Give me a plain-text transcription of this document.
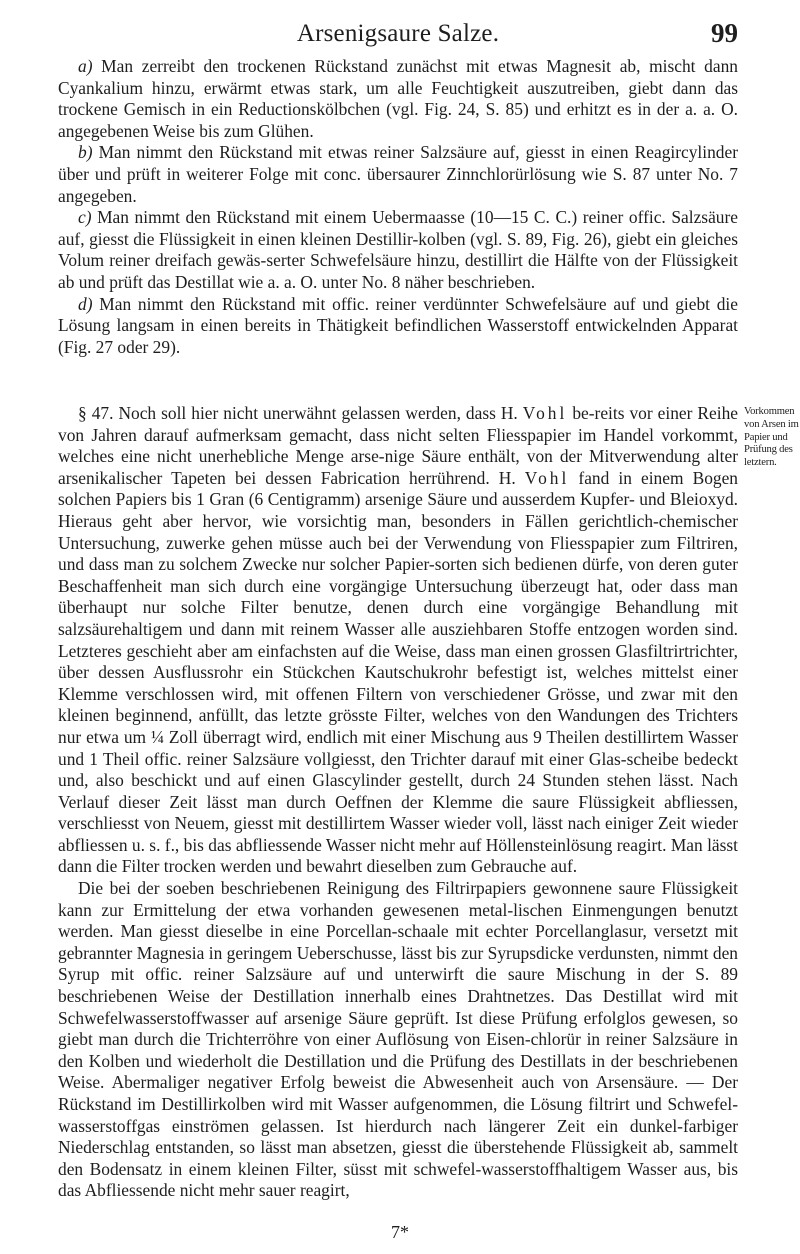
Arsenigsaure Salze.	99

a) Man zerreibt den trockenen Rückstand zunächst mit etwas Magnesit ab, mischt dann Cyankalium hinzu, erwärmt etwas stark, um alle Feuchtigkeit auszutreiben, giebt dann das trockene Gemisch in ein Reductionskölbchen (vgl. Fig. 24, S. 85) und erhitzt es in der a. a. O. angegebenen Weise bis zum Glühen.

b) Man nimmt den Rückstand mit etwas reiner Salzsäure auf, giesst in einen Reagircylinder über und prüft in weiterer Folge mit conc. übersaurer Zinnchlorürlösung wie S. 87 unter No. 7 angegeben.

c) Man nimmt den Rückstand mit einem Uebermaasse (10—15 C. C.) reiner offic. Salzsäure auf, giesst die Flüssigkeit in einen kleinen Destillir-kolben (vgl. S. 89, Fig. 26), giebt ein gleiches Volum reiner dreifach gewäs-serter Schwefelsäure hinzu, destillirt die Hälfte von der Flüssigkeit ab und prüft das Destillat wie a. a. O. unter No. 8 näher beschrieben.

d) Man nimmt den Rückstand mit offic. reiner verdünnter Schwefelsäure auf und giebt die Lösung langsam in einen bereits in Thätigkeit befindlichen Wasserstoff entwickelnden Apparat (Fig. 27 oder 29).

§ 47. Noch soll hier nicht unerwähnt gelassen werden, dass H. Vohl be-reits vor einer Reihe von Jahren darauf aufmerksam gemacht, dass nicht selten Fliesspapier im Handel vorkommt, welches eine nicht unerhebliche Menge arse-nige Säure enthält, von der Mitverwendung alter arsenikalischer Tapeten bei dessen Fabrication herrührend. H. Vohl fand in einem Bogen solchen Papiers bis 1 Gran (6 Centigramm) arsenige Säure und ausserdem Kupfer- und Bleioxyd. Hieraus geht aber hervor, wie vorsichtig man, besonders in Fällen gerichtlich-chemischer Untersuchung, zuwerke gehen müsse auch bei der Verwendung von Fliesspapier zum Filtriren, und dass man zu solchem Zwecke nur solcher Papier-sorten sich bedienen dürfe, von deren guter Beschaffenheit man sich durch eine vorgängige Untersuchung überzeugt hat, oder dass man überhaupt nur solche Filter benutze, denen durch eine vorgängige Behandlung mit salzsäurehaltigem und dann mit reinem Wasser alle ausziehbaren Stoffe entzogen worden sind. Letzteres geschieht aber am einfachsten auf die Weise, dass man einen grossen Glasfiltrirtrichter, über dessen Ausflussrohr ein Stückchen Kautschukrohr befestigt ist, welches mittelst einer Klemme verschlossen wird, mit offenen Filtern von verschiedener Grösse, und zwar mit den kleinen beginnend, anfüllt, das letzte grösste Filter, welches von den Wandungen des Trichters nur etwa um ¼ Zoll überragt wird, endlich mit einer Mischung aus 9 Theilen destillirtem Wasser und 1 Theil offic. reiner Salzsäure vollgiesst, den Trichter darauf mit einer Glas-scheibe bedeckt und, also beschickt und auf einen Glascylinder gestellt, durch 24 Stunden stehen lässt. Nach Verlauf dieser Zeit lässt man durch Oeffnen der Klemme die saure Flüssigkeit abfliessen, verschliesst von Neuem, giesst mit destillirtem Wasser wieder voll, lässt nach einiger Zeit wieder abfliessen u. s. f., bis das abfliessende Wasser nicht mehr auf Höllensteinlösung reagirt. Man lässt dann die Filter trocken werden und bewahrt dieselben zum Gebrauche auf.

Die bei der soeben beschriebenen Reinigung des Filtrirpapiers gewonnene saure Flüssigkeit kann zur Ermittelung der etwa vorhanden gewesenen metal-lischen Einmengungen benutzt werden. Man giesst dieselbe in eine Porcellan-schaale mit echter Porcellanglasur, versetzt mit gebrannter Magnesia in geringem Ueberschusse, lässt bis zur Syrupsdicke verdunsten, nimmt den Syrup mit offic. reiner Salzsäure auf und unterwirft die saure Mischung in der S. 89 beschriebenen Weise der Destillation innerhalb eines Drahtnetzes. Das Destillat wird mit Schwefelwasserstoffwasser auf arsenige Säure geprüft. Ist diese Prüfung erfolglos gewesen, so giebt man durch die Trichterröhre von einer Auflösung von Eisen-chlorür in reiner Salzsäure in den Kolben und wiederholt die Destillation und die Prüfung des Destillats in der beschriebenen Weise. Abermaliger negativer Erfolg beweist die Abwesenheit auch von Arsensäure. — Der Rückstand im Destillirkolben wird mit Wasser aufgenommen, die Lösung filtrirt und Schwefel-wasserstoffgas einströmen gelassen. Ist hierdurch nach längerer Zeit ein dunkel-farbiger Niederschlag entstanden, so lässt man absetzen, giesst die überstehende Flüssigkeit ab, sammelt den Bodensatz in einem kleinen Filter, süsst mit schwefel-wasserstoffhaltigem Wasser aus, bis das Abfliessende nicht mehr sauer reagirt,

Vorkommen
von Arsen im
Papier und
Prüfung des
letztern.
7*
